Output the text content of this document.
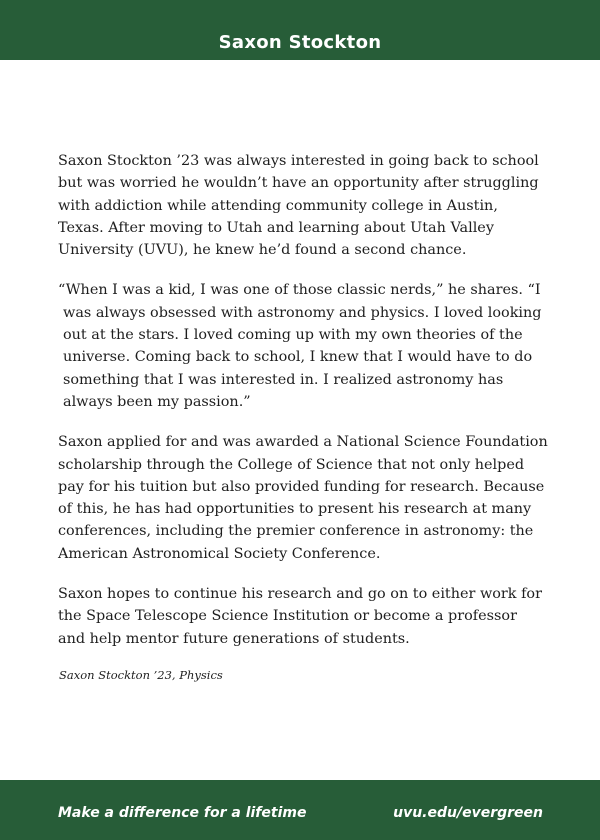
Saxon Stockton

Saxon Stockton ’23 was always interested in going back to school but was worried he wouldn’t have an opportunity after struggling with addiction while attending community college in Austin, Texas. After moving to Utah and learning about Utah Valley University (UVU), he knew he’d found a second chance.

“When I was a kid, I was one of those classic nerds,” he shares. “I was always obsessed with astronomy and physics. I loved looking out at the stars. I loved coming up with my own theories of the universe. Coming back to school, I knew that I would have to do something that I was interested in. I realized astronomy has always been my passion.”

Saxon applied for and was awarded a National Science Foundation scholarship through the College of Science that not only helped pay for his tuition but also provided funding for research. Because of this, he has had opportunities to present his research at many conferences, including the premier conference in astronomy: the American Astronomical Society Conference.

Saxon hopes to continue his research and go on to either work for the Space Telescope Science Institution or become a professor and help mentor future generations of students.

Saxon Stockton ’23, Physics

Make a difference for a lifetime	uvu.edu/evergreen
